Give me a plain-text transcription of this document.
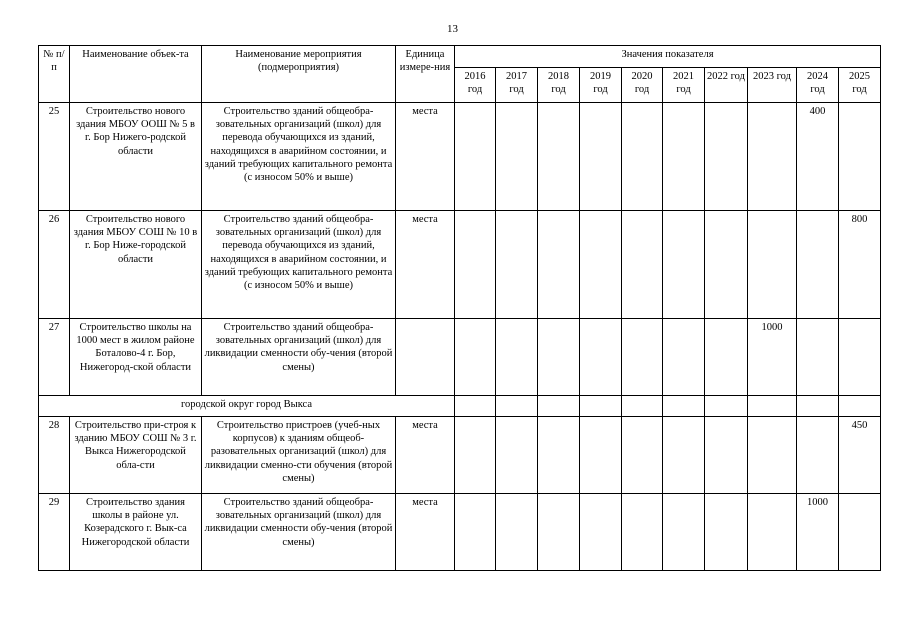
13
№ п/п	Наименование объек-та	Наименование мероприятия (подмероприятия)	Единица измере-ния	Значения показателя									
				2016 год	2017 год	2018 год	2019 год	2020 год	2021 год	2022 год	2023 год	2024 год	2025 год
25	Строительство нового здания МБОУ ООШ № 5 в г. Бор Нижего-родской области	Строительство зданий общеобра-зовательных организаций (школ) для перевода обучающихся из зданий, находящихся в аварийном состоянии, и зданий требующих капитального ремонта (с износом 50% и выше)	места									400	
26	Строительство нового здания МБОУ СОШ № 10 в г. Бор Ниже-городской области	Строительство зданий общеобра-зовательных организаций (школ) для перевода обучающихся из зданий, находящихся в аварийном состоянии, и зданий требующих капитального ремонта (с износом 50% и выше)	места										800
27	Строительство школы на 1000 мест в жилом районе Боталово-4 г. Бор, Нижегород-ской области	Строительство зданий общеобра-зовательных организаций (школ) для ликвидации сменности обу-чения (второй смены)									1000		
городской округ город Выкса													
28	Строительство при-строя к зданию МБОУ СОШ № 3 г. Выкса Нижегородской обла-сти	Строительство пристроев (учеб-ных корпусов) к зданиям общеоб-разовательных организаций (школ) для ликвидации сменно-сти обучения (второй смены)	места										450
29	Строительство здания школы в районе ул. Козерадского г. Вык-са Нижегородской области	Строительство зданий общеобра-зовательных организаций (школ) для ликвидации сменности обу-чения (второй смены)	места									1000	
